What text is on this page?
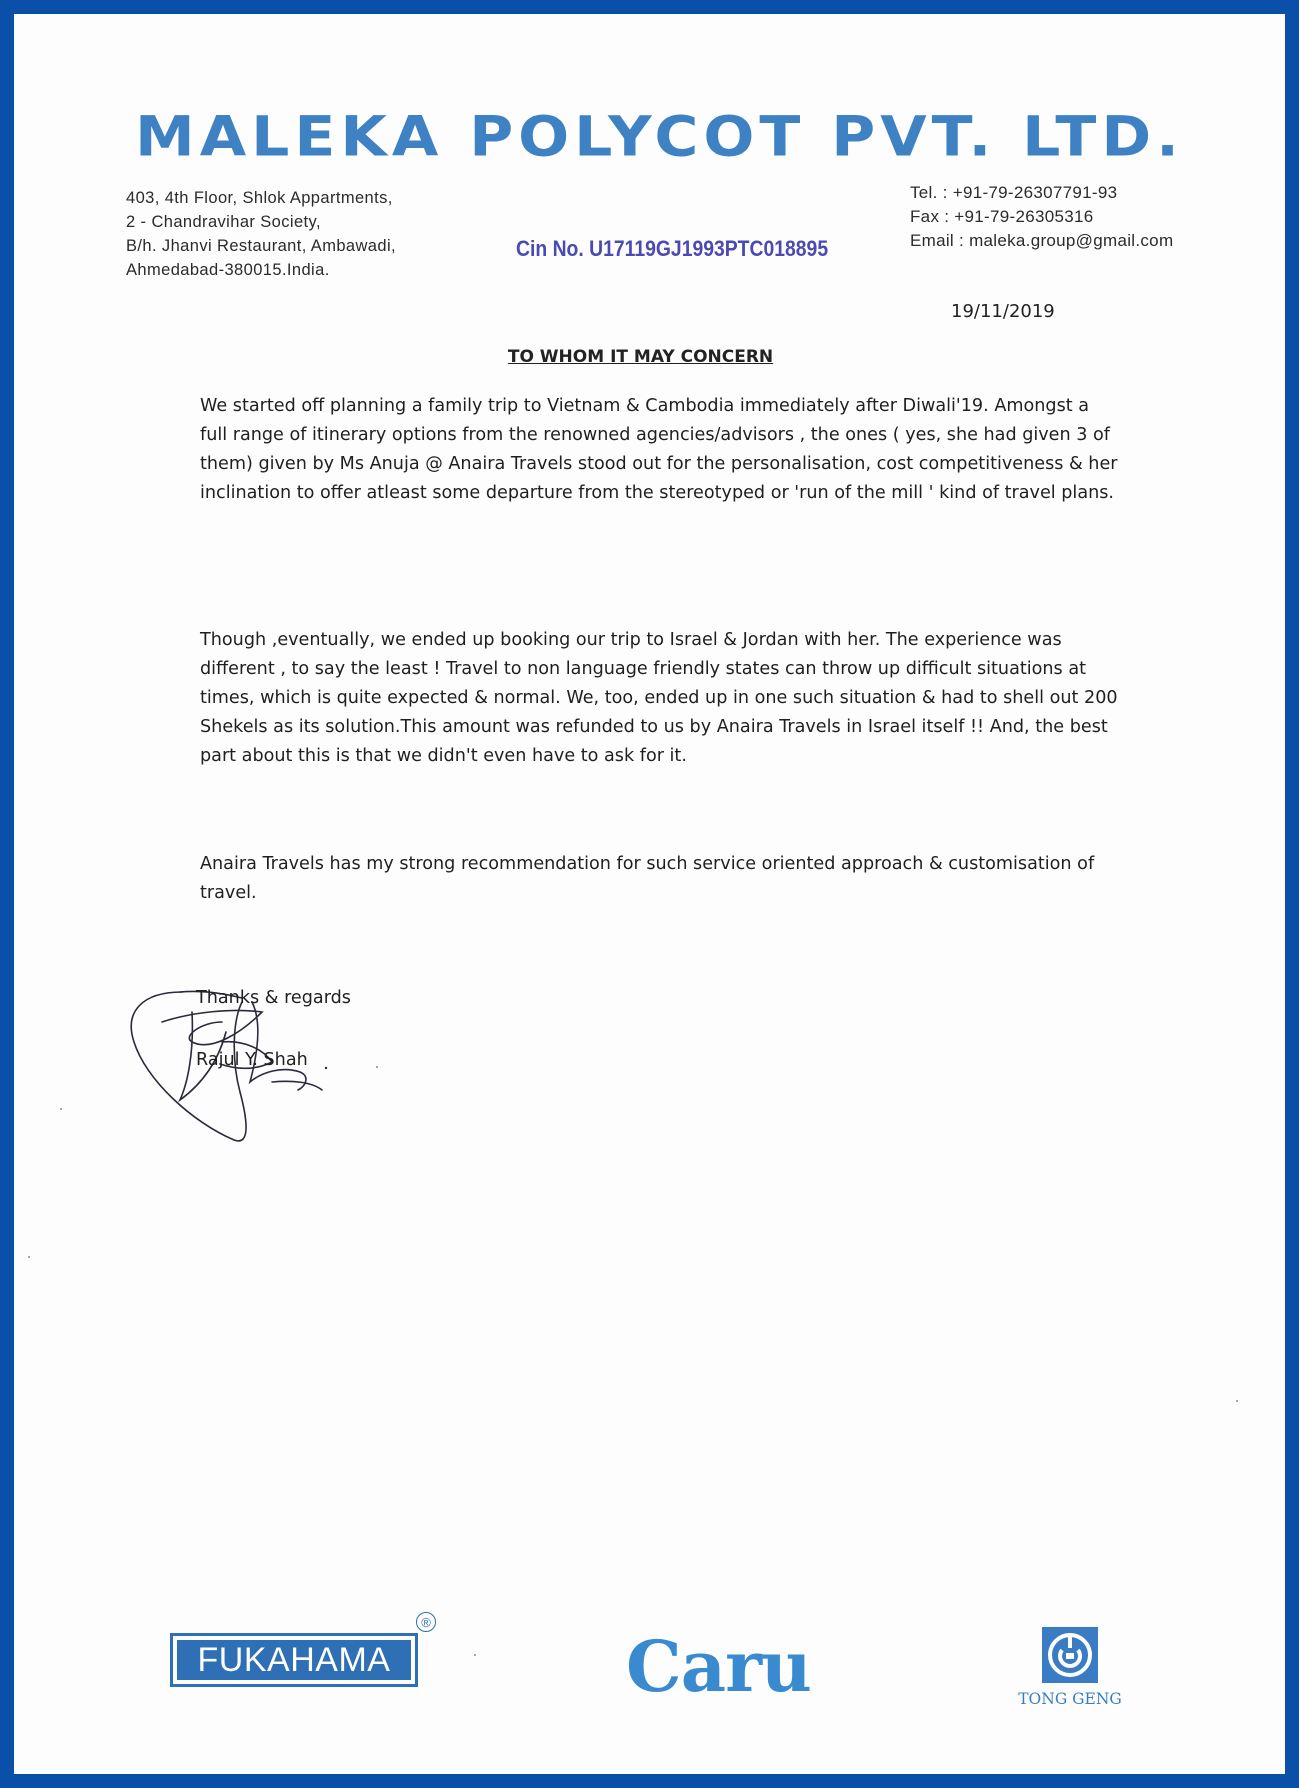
MALEKA POLYCOT PVT. LTD.
403, 4th Floor, Shlok Appartments,
2 - Chandravihar Society,
B/h. Jhanvi Restaurant, Ambawadi,
Ahmedabad-380015.India.
Cin No. U17119GJ1993PTC018895
Tel. : +91-79-26307791-93
Fax : +91-79-26305316
Email : maleka.group@gmail.com
19/11/2019
TO WHOM IT MAY CONCERN
We started off planning a family trip to Vietnam & Cambodia immediately after Diwali'19. Amongst a full range of itinerary options from the renowned agencies/advisors , the ones ( yes, she had given 3 of them) given by Ms Anuja @ Anaira Travels stood out for the personalisation, cost competitiveness & her inclination to offer atleast some departure from the stereotyped or 'run of the mill ' kind of travel plans.
Though ,eventually, we ended up booking our trip to Israel & Jordan with her. The experience was different , to say the least ! Travel to non language friendly states can throw up difficult situations at times, which is quite expected & normal. We, too, ended up in one such situation & had to shell out 200 Shekels as its solution.This amount was refunded to us by Anaira Travels in Israel itself !! And, the best part about this is that we didn't even have to ask for it.
Anaira Travels has my strong recommendation for such service oriented approach & customisation of travel.
Thanks & regards
Rajul Y. Shah
FUKAHAMA
®
Caru	TONG GENG
